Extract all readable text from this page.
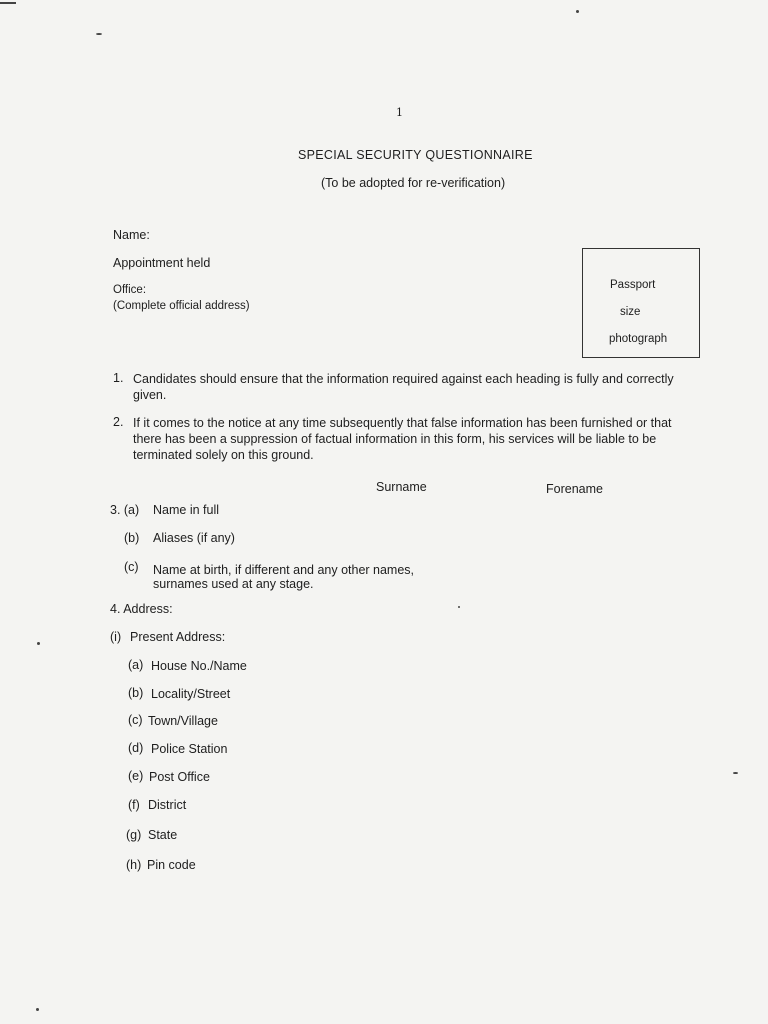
1
SPECIAL SECURITY QUESTIONNAIRE
(To be adopted for re-verification)
Name:
Appointment held
Office:
(Complete official address)
Passport
size
photograph
1. Candidates should ensure that the information required against each heading is fully and correctly
given.
2. If it comes to the notice at any time subsequently that false information has been furnished or that
there has been a suppression of factual information in this form, his services will be liable to be
terminated solely on this ground.
Surname	Forename
3. (a) Name in full
(b) Aliases (if any)
(c) Name at birth, if different and any other names,
surnames used at any stage.
4. Address:
(i) Present Address:
(a) House No./Name
(b) Locality/Street
(c) Town/Village
(d) Police Station
(e) Post Office
(f) District
(g) State
(h) Pin code
